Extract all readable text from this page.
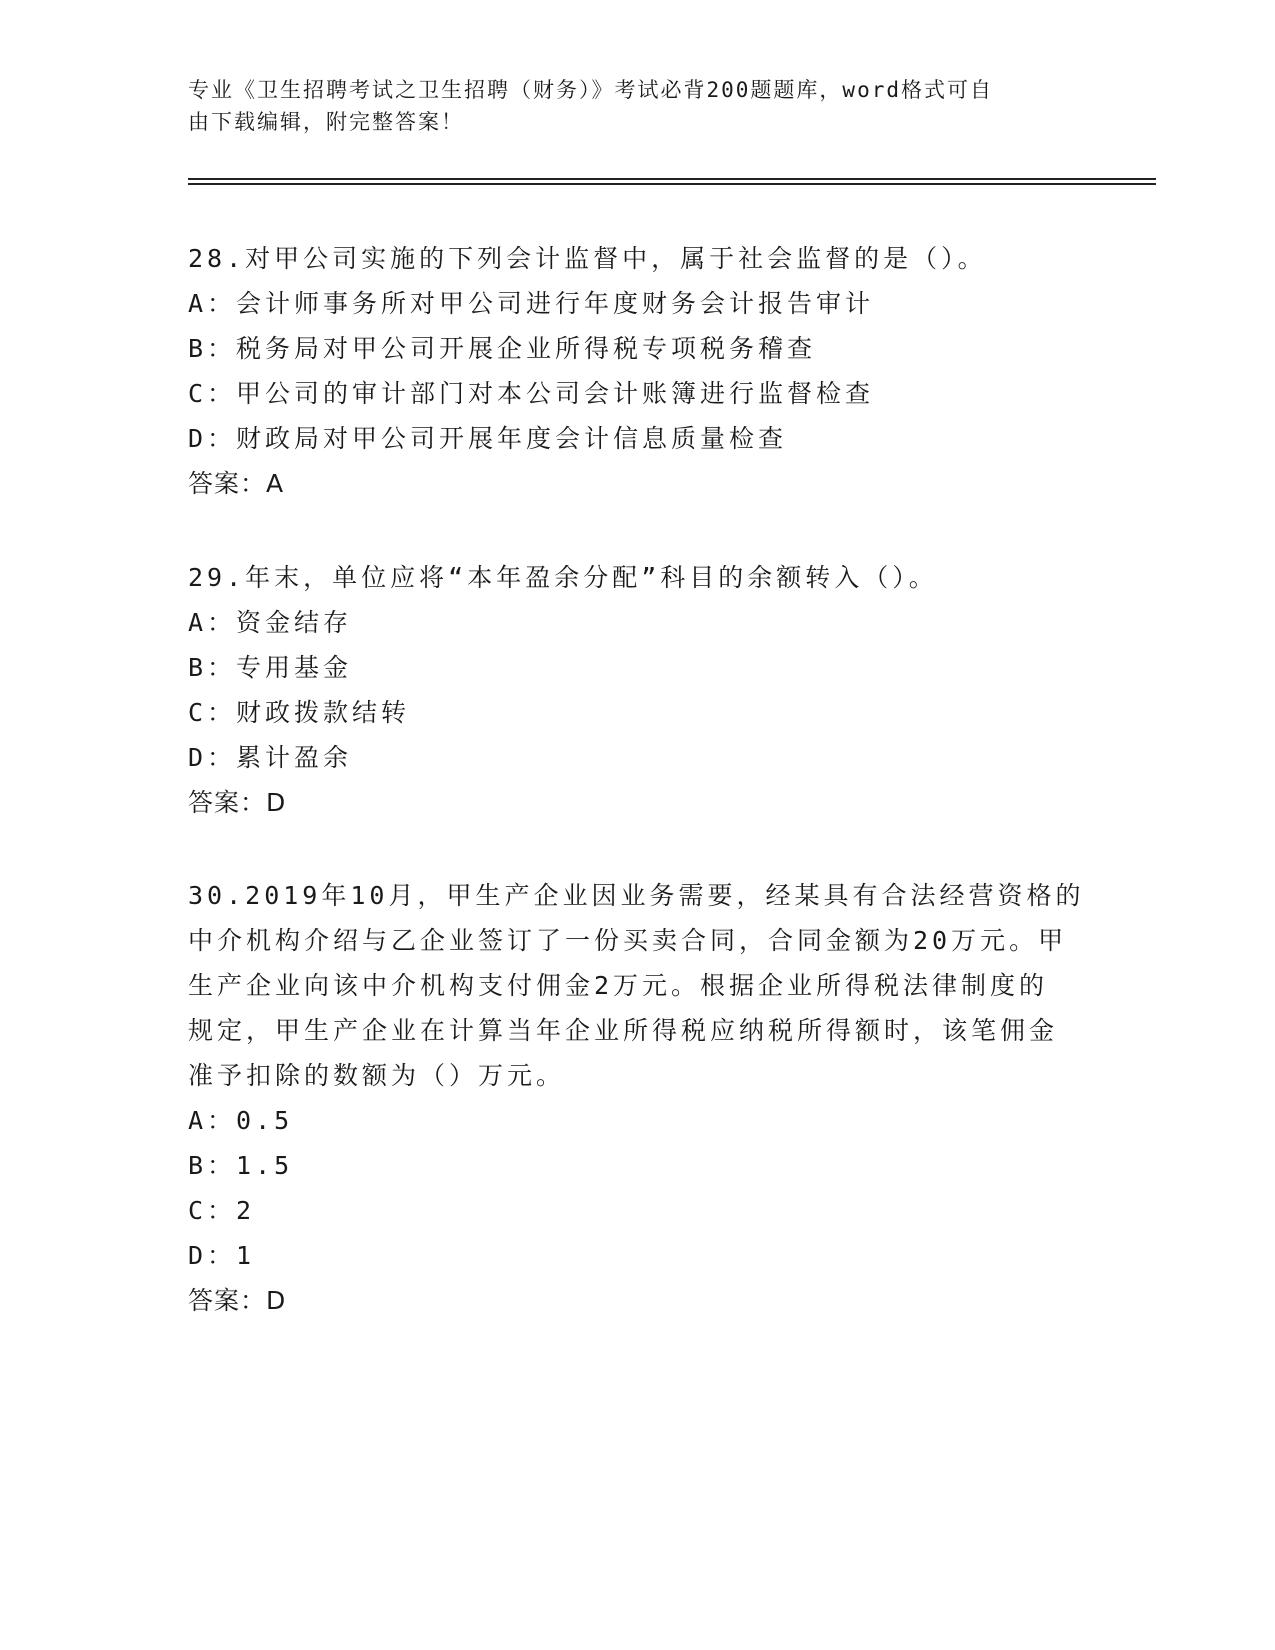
专业《卫生招聘考试之卫生招聘（财务）》考试必背200题题库，word格式可自
由下载编辑，附完整答案！
28.对甲公司实施的下列会计监督中，属于社会监督的是（）。
A：会计师事务所对甲公司进行年度财务会计报告审计
B：税务局对甲公司开展企业所得税专项税务稽查
C：甲公司的审计部门对本公司会计账簿进行监督检查
D：财政局对甲公司开展年度会计信息质量检查
答案：A
29.年末，单位应将“本年盈余分配”科目的余额转入（）。
A：资金结存
B：专用基金
C：财政拨款结转
D：累计盈余
答案：D
30.2019年10月，甲生产企业因业务需要，经某具有合法经营资格的
中介机构介绍与乙企业签订了一份买卖合同，合同金额为20万元。甲
生产企业向该中介机构支付佣金2万元。根据企业所得税法律制度的
规定，甲生产企业在计算当年企业所得税应纳税所得额时，该笔佣金
准予扣除的数额为（）万元。
A：0.5
B：1.5
C：2
D：1
答案：D
